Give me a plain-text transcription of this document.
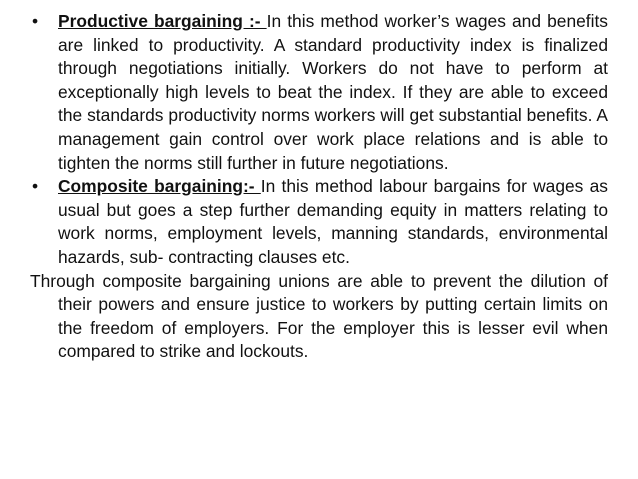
• Productive bargaining :- In this method worker’s wages and benefits are linked to productivity. A standard productivity index is finalized through negotiations initially. Workers do not have to perform at exceptionally high levels to beat the index. If they are able to exceed the standards productivity norms workers will get substantial benefits. A management gain control over work place relations and is able to tighten the norms still further in future negotiations.

• Composite bargaining:- In this method labour bargains for wages as usual but goes a step further demanding equity in matters relating to work norms, employment levels, manning standards, environmental hazards, sub- contracting clauses etc.

Through composite bargaining unions are able to prevent the dilution of their powers and ensure justice to workers by putting certain limits on the freedom of employers. For the employer this is lesser evil when compared to strike and lockouts.
